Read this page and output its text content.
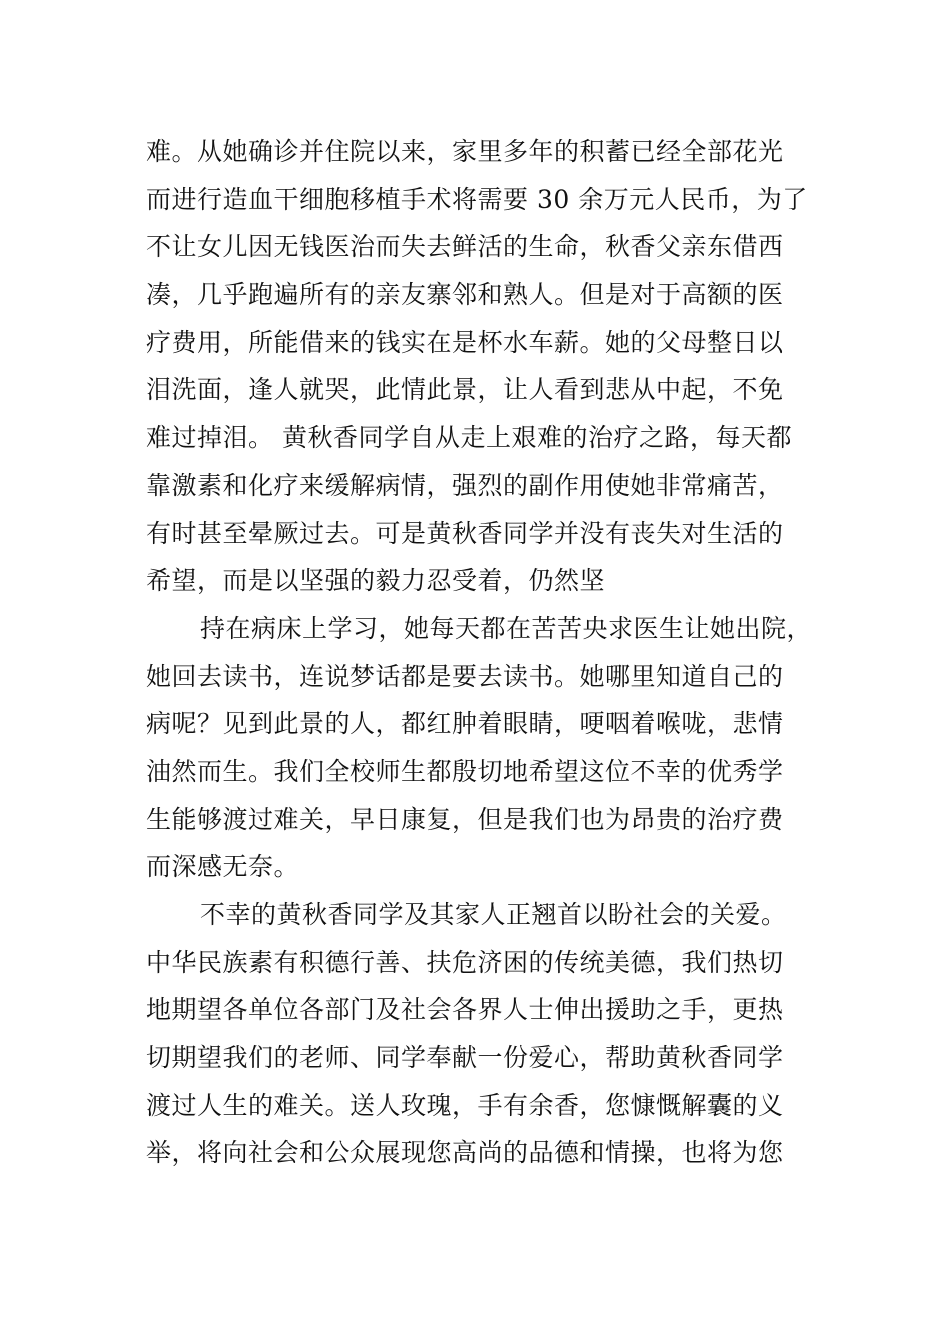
难。从她确诊并住院以来，家里多年的积蓄已经全部花光
而进行造血干细胞移植手术将需要 30 余万元人民币，为了
不让女儿因无钱医治而失去鲜活的生命，秋香父亲东借西
凑，几乎跑遍所有的亲友寨邻和熟人。但是对于高额的医
疗费用，所能借来的钱实在是杯水车薪。她的父母整日以
泪洗面，逢人就哭，此情此景，让人看到悲从中起，不免
难过掉泪。 黄秋香同学自从走上艰难的治疗之路，每天都
靠激素和化疗来缓解病情，强烈的副作用使她非常痛苦，
有时甚至晕厥过去。可是黄秋香同学并没有丧失对生活的
希望，而是以坚强的毅力忍受着，仍然坚
持在病床上学习，她每天都在苦苦央求医生让她出院，
她回去读书，连说梦话都是要去读书。她哪里知道自己的
病呢？见到此景的人，都红肿着眼睛，哽咽着喉咙，悲情
油然而生。我们全校师生都殷切地希望这位不幸的优秀学
生能够渡过难关，早日康复，但是我们也为昂贵的治疗费
而深感无奈。
不幸的黄秋香同学及其家人正翘首以盼社会的关爱。
中华民族素有积德行善、扶危济困的传统美德，我们热切
地期望各单位各部门及社会各界人士伸出援助之手，更热
切期望我们的老师、同学奉献一份爱心，帮助黄秋香同学
渡过人生的难关。送人玫瑰，手有余香，您慷慨解囊的义
举，将向社会和公众展现您高尚的品德和情操，也将为您
